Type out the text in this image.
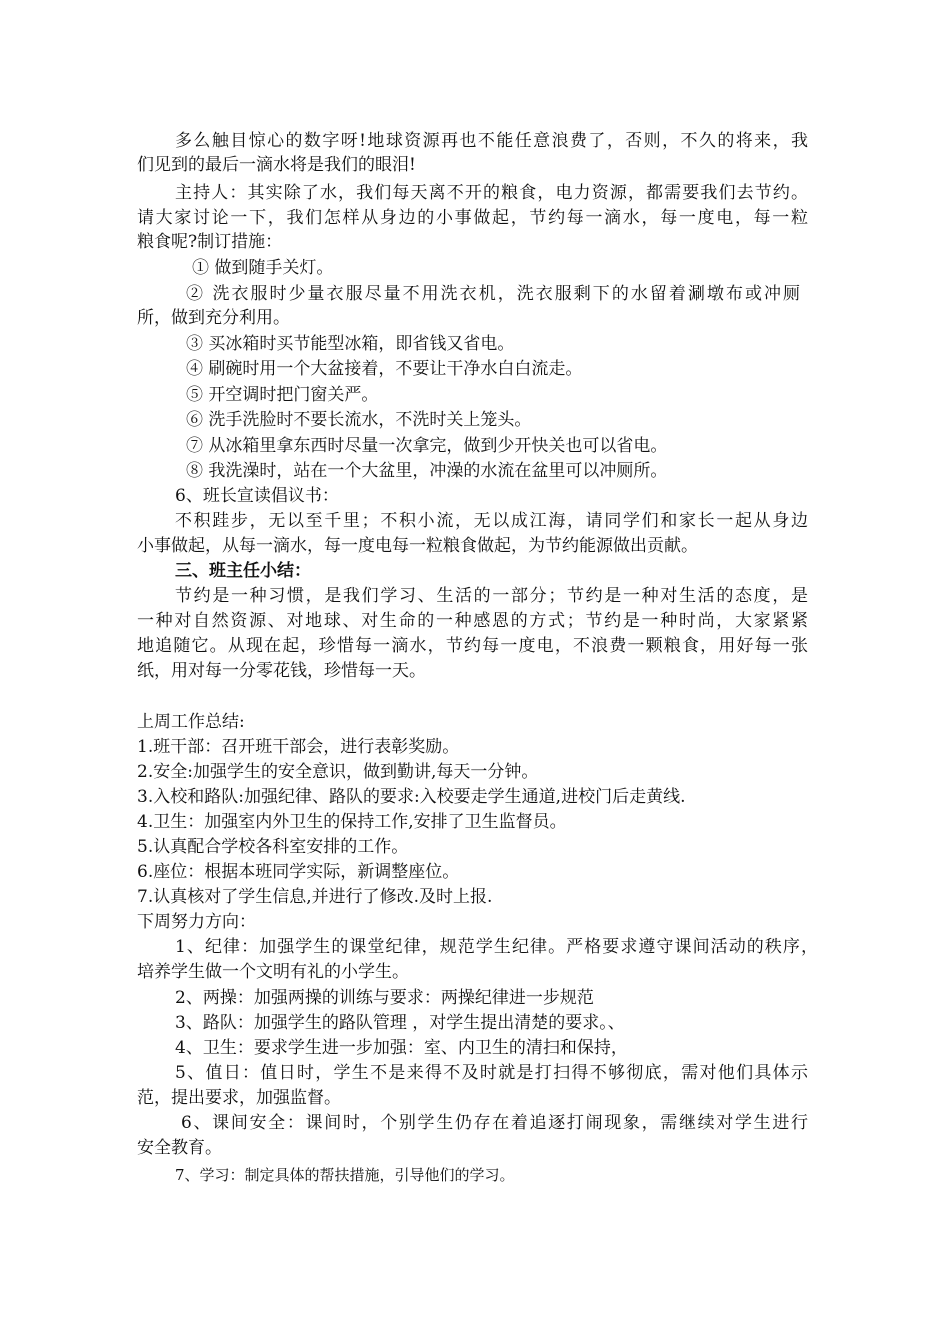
多么触目惊心的数字呀!地球资源再也不能任意浪费了，否则，不久的将来，我
们见到的最后一滴水将是我们的眼泪!
主持人：其实除了水，我们每天离不开的粮食，电力资源，都需要我们去节约。
请大家讨论一下，我们怎样从身边的小事做起，节约每一滴水，每一度电，每一粒
粮食呢?制订措施：
① 做到随手关灯。
② 洗衣服时少量衣服尽量不用洗衣机，洗衣服剩下的水留着涮墩布或冲厕
所，做到充分利用。
③ 买冰箱时买节能型冰箱，即省钱又省电。
④ 刷碗时用一个大盆接着，不要让干净水白白流走。
⑤ 开空调时把门窗关严。
⑥ 洗手洗脸时不要长流水，不洗时关上笼头。
⑦ 从冰箱里拿东西时尽量一次拿完，做到少开快关也可以省电。
⑧ 我洗澡时，站在一个大盆里，冲澡的水流在盆里可以冲厕所。
6、班长宣读倡议书：
不积跬步，无以至千里；不积小流，无以成江海，请同学们和家长一起从身边
小事做起，从每一滴水，每一度电每一粒粮食做起，为节约能源做出贡献。
三、班主任小结：
节约是一种习惯，是我们学习、生活的一部分；节约是一种对生活的态度，是
一种对自然资源、对地球、对生命的一种感恩的方式；节约是一种时尚，大家紧紧
地追随它。从现在起，珍惜每一滴水，节约每一度电，不浪费一颗粮食，用好每一张
纸，用对每一分零花钱，珍惜每一天。
上周工作总结:
1.班干部：召开班干部会，进行表彰奖励。
2.安全:加强学生的安全意识，做到勤讲,每天一分钟。
3.入校和路队:加强纪律、路队的要求:入校要走学生通道,进校门后走黄线.
4.卫生：加强室内外卫生的保持工作,安排了卫生监督员。
5.认真配合学校各科室安排的工作。
6.座位：根据本班同学实际，新调整座位。
7.认真核对了学生信息,并进行了修改.及时上报.
下周努力方向：
1、纪律：加强学生的课堂纪律，规范学生纪律。严格要求遵守课间活动的秩序，
培养学生做一个文明有礼的小学生。
2、两操：加强两操的训练与要求：两操纪律进一步规范
3、路队：加强学生的路队管理 ，对学生提出清楚的要求。、
4、卫生：要求学生进一步加强：室、内卫生的清扫和保持，
5、值日：值日时，学生不是来得不及时就是打扫得不够彻底，需对他们具体示
范，提出要求，加强监督。
6、课间安全：课间时，个别学生仍存在着追逐打闹现象，需继续对学生进行
安全教育。
7、学习：制定具体的帮扶措施，引导他们的学习。
